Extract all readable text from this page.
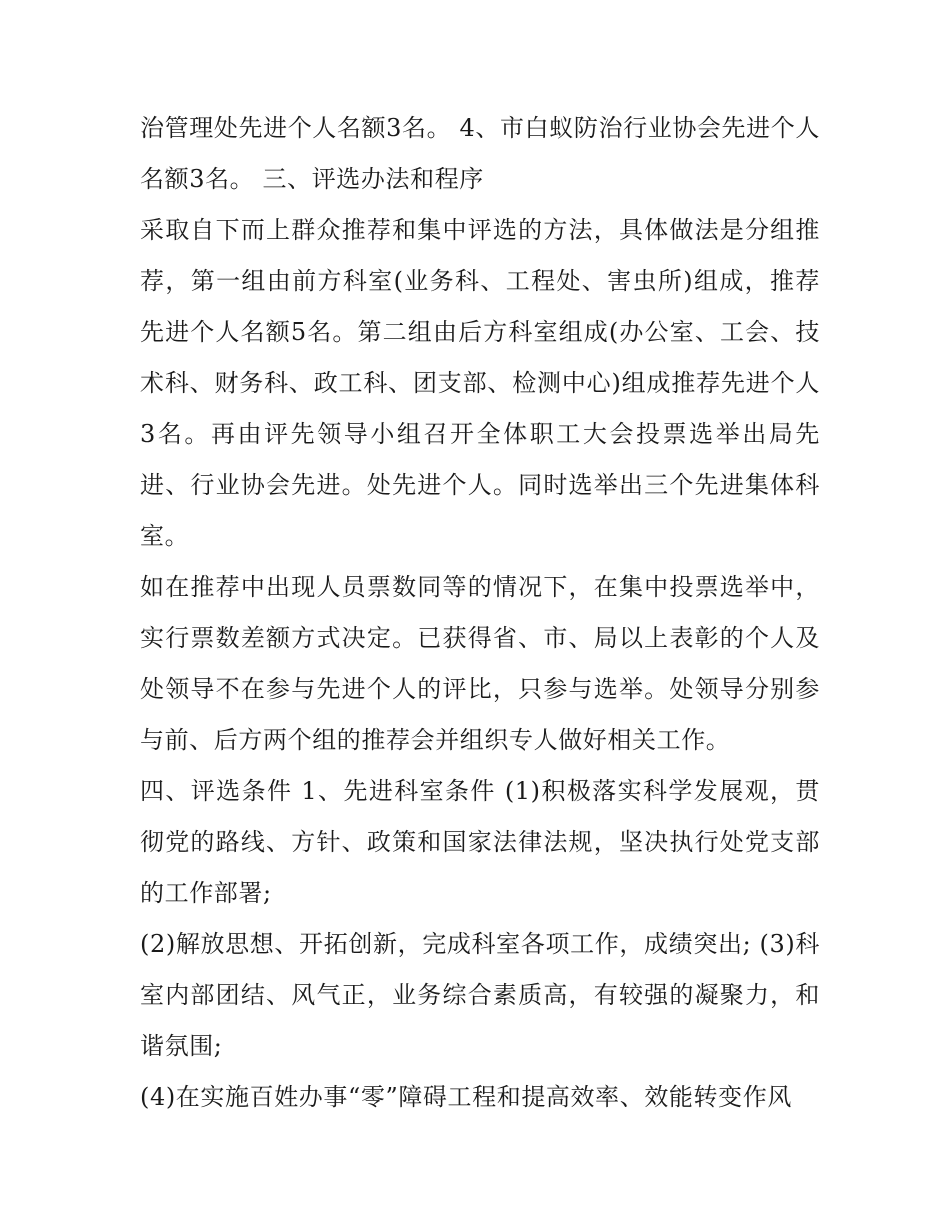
治管理处先进个人名额3名。 4、市白蚁防治行业协会先进个人名额3名。 三、评选办法和程序

采取自下而上群众推荐和集中评选的方法，具体做法是分组推荐，第一组由前方科室(业务科、工程处、害虫所)组成，推荐先进个人名额5名。第二组由后方科室组成(办公室、工会、技术科、财务科、政工科、团支部、检测中心)组成推荐先进个人3名。再由评先领导小组召开全体职工大会投票选举出局先进、行业协会先进。处先进个人。同时选举出三个先进集体科室。

如在推荐中出现人员票数同等的情况下，在集中投票选举中，实行票数差额方式决定。已获得省、市、局以上表彰的个人及处领导不在参与先进个人的评比，只参与选举。处领导分别参与前、后方两个组的推荐会并组织专人做好相关工作。

四、评选条件 1、先进科室条件 (1)积极落实科学发展观，贯彻党的路线、方针、政策和国家法律法规，坚决执行处党支部的工作部署;

(2)解放思想、开拓创新，完成科室各项工作，成绩突出; (3)科室内部团结、风气正，业务综合素质高，有较强的凝聚力，和谐氛围;

(4)在实施百姓办事“零”障碍工程和提高效率、效能转变作风
